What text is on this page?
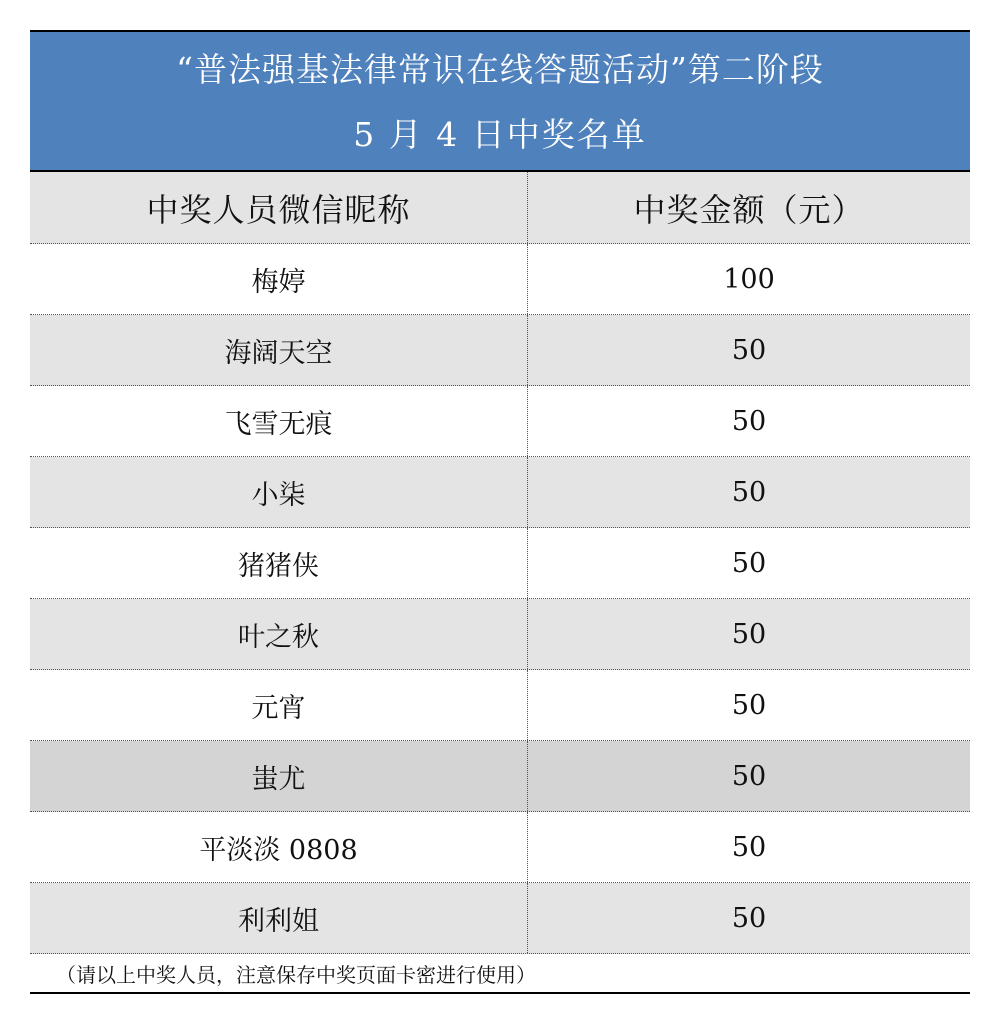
“普法强基法律常识在线答题活动”第二阶段
5 月 4 日中奖名单
中奖人员微信昵称	中奖金额（元）
梅婷	100
海阔天空	50
飞雪无痕	50
小柒	50
猪猪侠	50
叶之秋	50
元宵	50
蚩尤	50
平淡淡 0808	50
利利姐	50
（请以上中奖人员，注意保存中奖页面卡密进行使用）
